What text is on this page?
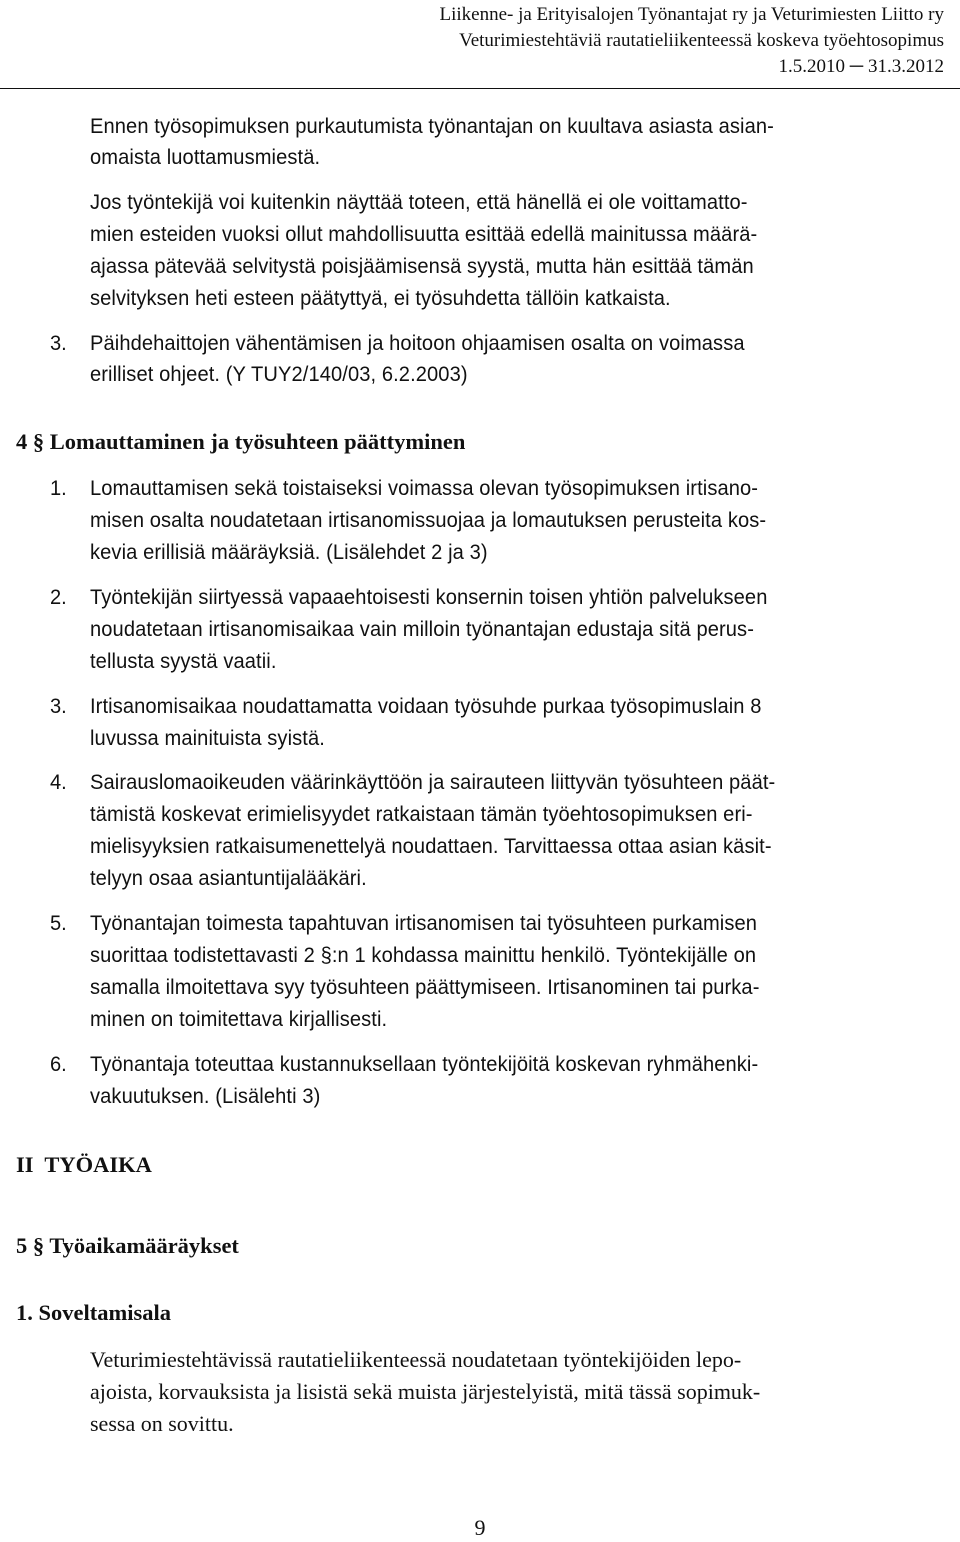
Liikenne- ja Erityisalojen Työnantajat ry ja Veturimiesten Liitto ry
Veturimiestehtäviä rautatieliikenteessä koskeva työehtosopimus
1.5.2010 ─ 31.3.2012
Ennen työsopimuksen purkautumista työnantajan on kuultava asiasta asian-
omaista luottamusmiestä.
Jos työntekijä voi kuitenkin näyttää toteen, että hänellä ei ole voittamatto-
mien esteiden vuoksi ollut mahdollisuutta esittää edellä mainitussa määrä-
ajassa pätevää selvitystä poisjäämisensä syystä, mutta hän esittää tämän
selvityksen heti esteen päätyttyä, ei työsuhdetta tällöin katkaista.
3. Päihdehaittojen vähentämisen ja hoitoon ohjaamisen osalta on voimassa
erilliset ohjeet. (Y TUY2/140/03, 6.2.2003)
4 § Lomauttaminen ja työsuhteen päättyminen
1. Lomauttamisen sekä toistaiseksi voimassa olevan työsopimuksen irtisano-
misen osalta noudatetaan irtisanomissuojaa ja lomautuksen perusteita kos-
kevia erillisiä määräyksiä. (Lisälehdet 2 ja 3)
2. Työntekijän siirtyessä vapaaehtoisesti konsernin toisen yhtiön palvelukseen
noudatetaan irtisanomisaikaa vain milloin työnantajan edustaja sitä perus-
tellusta syystä vaatii.
3. Irtisanomisaikaa noudattamatta voidaan työsuhde purkaa työsopimuslain 8
luvussa mainituista syistä.
4. Sairauslomaoikeuden väärinkäyttöön ja sairauteen liittyvän työsuhteen päät-
tämistä koskevat erimielisyydet ratkaistaan tämän työehtosopimuksen eri-
mielisyyksien ratkaisumenettelyä noudattaen. Tarvittaessa ottaa asian käsit-
telyyn osaa asiantuntijalääkäri.
5. Työnantajan toimesta tapahtuvan irtisanomisen tai työsuhteen purkamisen
suorittaa todistettavasti 2 §:n 1 kohdassa mainittu henkilö. Työntekijälle on
samalla ilmoitettava syy työsuhteen päättymiseen. Irtisanominen tai purka-
minen on toimitettava kirjallisesti.
6. Työnantaja toteuttaa kustannuksellaan työntekijöitä koskevan ryhmähenki-
vakuutuksen. (Lisälehti 3)
II  TYÖAIKA
5 § Työaikamääräykset
1. Soveltamisala
Veturimiestehtävissä rautatieliikenteessä noudatetaan työntekijöiden lepo-
ajoista, korvauksista ja lisistä sekä muista järjestelyistä, mitä tässä sopimuk-
sessa on sovittu.
9
